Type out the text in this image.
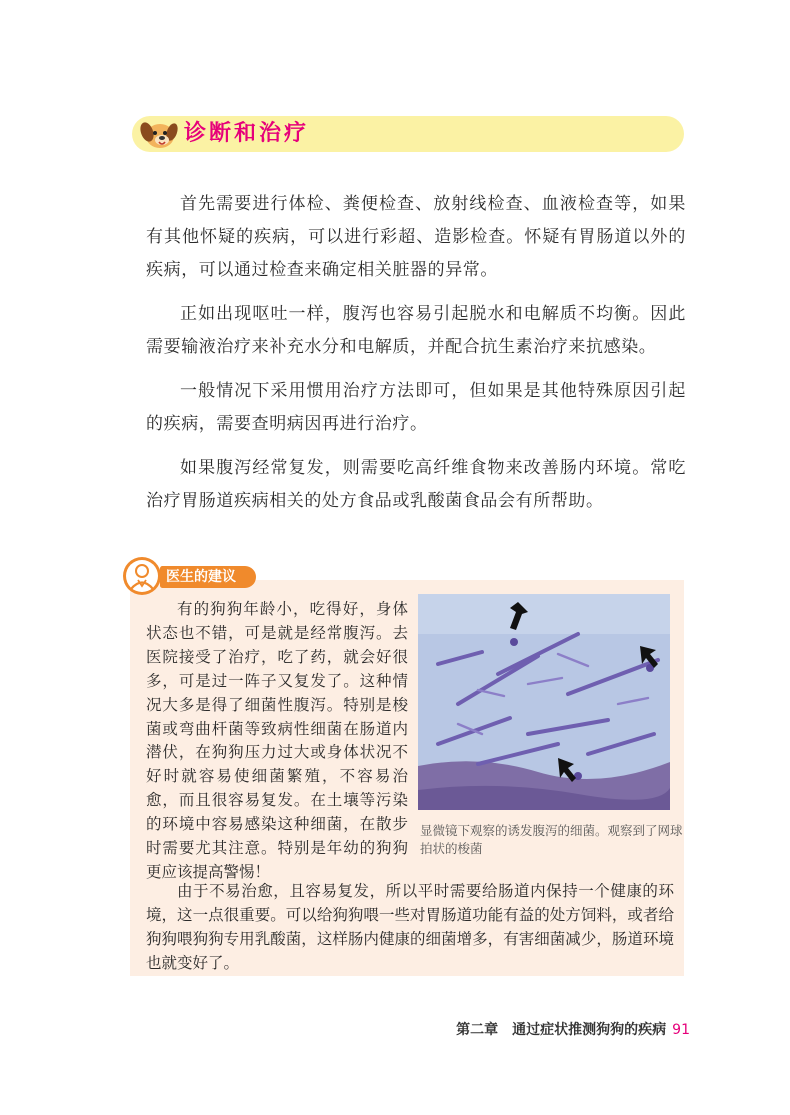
诊断和治疗

首先需要进行体检、粪便检查、放射线检查、血液检查等，如果有其他怀疑的疾病，可以进行彩超、造影检查。怀疑有胃肠道以外的疾病，可以通过检查来确定相关脏器的异常。

正如出现呕吐一样，腹泻也容易引起脱水和电解质不均衡。因此需要输液治疗来补充水分和电解质，并配合抗生素治疗来抗感染。

一般情况下采用惯用治疗方法即可，但如果是其他特殊原因引起的疾病，需要查明病因再进行治疗。

如果腹泻经常复发，则需要吃高纤维食物来改善肠内环境。常吃治疗胃肠道疾病相关的处方食品或乳酸菌食品会有所帮助。

医生的建议

有的狗狗年龄小，吃得好，身体状态也不错，可是就是经常腹泻。去医院接受了治疗，吃了药，就会好很多，可是过一阵子又复发了。这种情况大多是得了细菌性腹泻。特别是梭菌或弯曲杆菌等致病性细菌在肠道内潜伏，在狗狗压力过大或身体状况不好时就容易使细菌繁殖，不容易治愈，而且很容易复发。在土壤等污染的环境中容易感染这种细菌，在散步时需要尤其注意。特别是年幼的狗狗更应该提高警惕！

显微镜下观察的诱发腹泻的细菌。观察到了网球拍状的梭菌

由于不易治愈，且容易复发，所以平时需要给肠道内保持一个健康的环境，这一点很重要。可以给狗狗喂一些对胃肠道功能有益的处方饲料，或者给狗狗喂狗狗专用乳酸菌，这样肠内健康的细菌增多，有害细菌减少，肠道环境也就变好了。

第二章　通过症状推测狗狗的疾病 91
